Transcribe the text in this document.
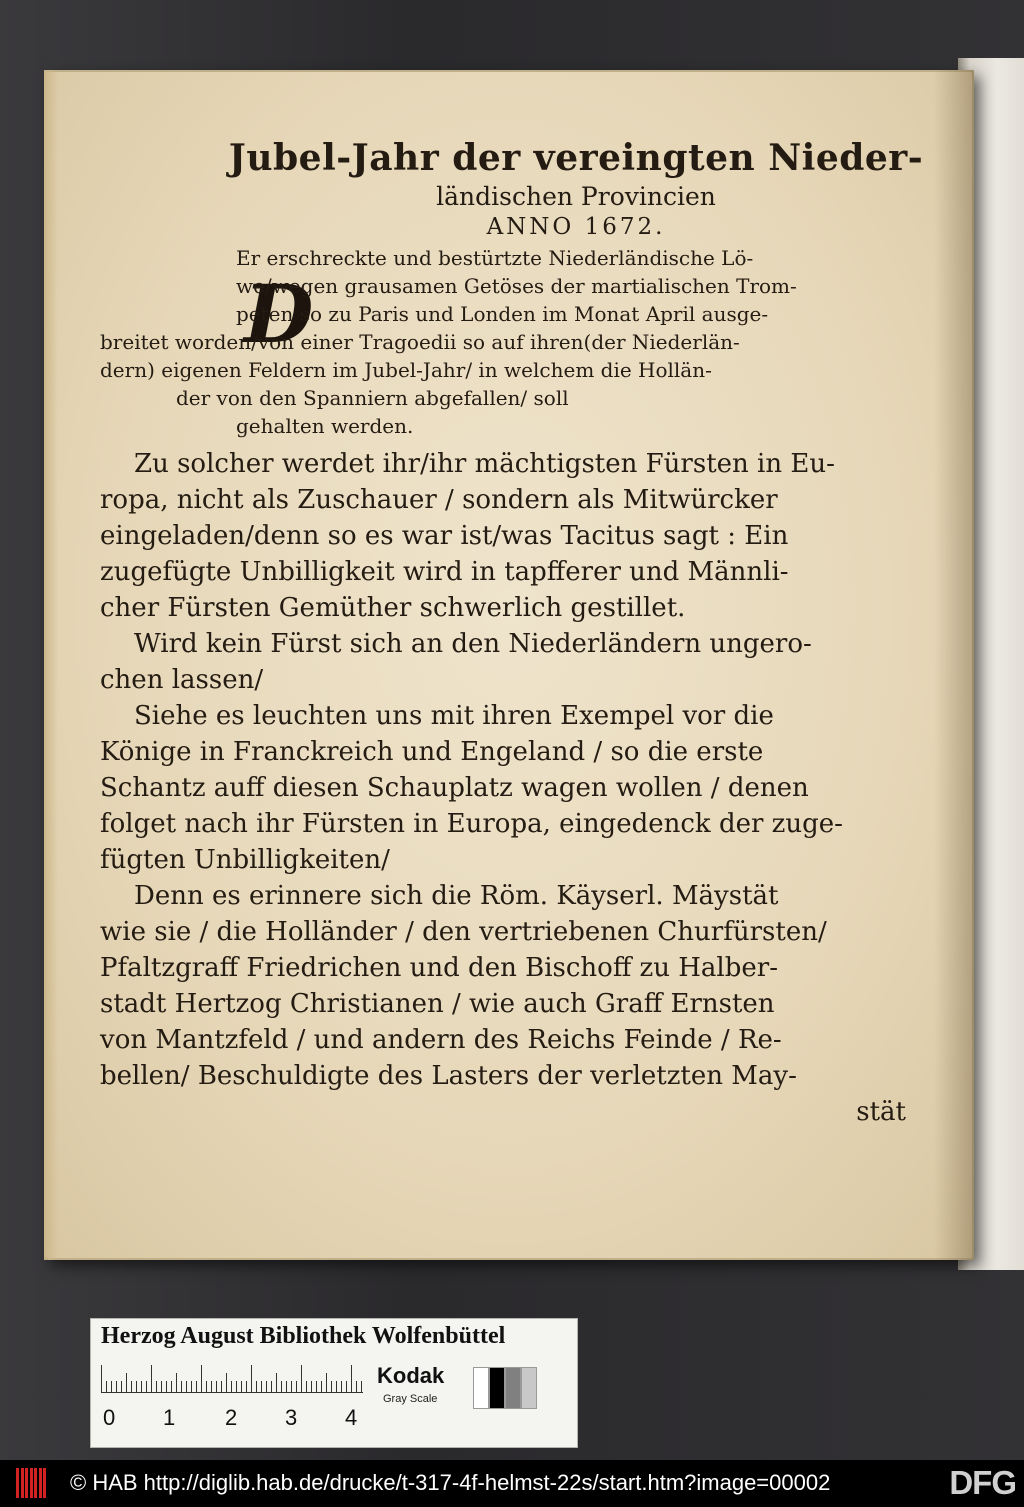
D

Jubel-Jahr der vereingten Nieder-

ländischen Provincien

ANNO 1672.

Er erschreckte und bestürtzte Niederländische Lö-

we/wegen grausamen Getöses der martialischen Trom-

peten so zu Paris und Londen im Monat April ausge-

breitet worden/von einer Tragoedii so auf ihren(der Niederlän-

dern) eigenen Feldern im Jubel-Jahr/ in welchem die Hollän-

der von den Spanniern abgefallen/ soll

gehalten werden.

Zu solcher werdet ihr/ihr mächtigsten Fürsten in Eu-

ropa, nicht als Zuschauer / sondern als Mitwürcker

eingeladen/denn so es war ist/was Tacitus sagt : Ein

zugefügte Unbilligkeit wird in tapfferer und Männli-

cher Fürsten Gemüther schwerlich gestillet.

Wird kein Fürst sich an den Niederländern ungero-

chen lassen/

Siehe es leuchten uns mit ihren Exempel vor die

Könige in Franckreich und Engeland / so die erste

Schantz auff diesen Schauplatz wagen wollen / denen

folget nach ihr Fürsten in Europa, eingedenck der zuge-

fügten Unbilligkeiten/

Denn es erinnere sich die Röm. Käyserl. Mäystät

wie sie / die Holländer / den vertriebenen Churfürsten/

Pfaltzgraff Friedrichen und den Bischoff zu Halber-

stadt Hertzog Christianen / wie auch Graff Ernsten

von Mantzfeld / und andern des Reichs Feinde / Re-

bellen/ Beschuldigte des Lasters der verletzten May-

stät

Herzog August Bibliothek Wolfenbüttel
0 1 2 3 4
Kodak
Gray Scale
© HAB http://diglib.hab.de/drucke/t-317-4f-helmst-22s/start.htm?image=00002	DFG
